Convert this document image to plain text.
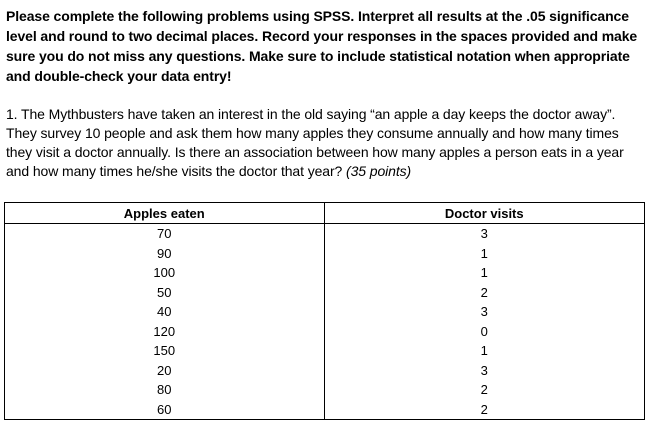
Please complete the following problems using SPSS. Interpret all results at the .05 significance level and round to two decimal places. Record your responses in the spaces provided and make sure you do not miss any questions. Make sure to include statistical notation when appropriate and double-check your data entry!

1. The Mythbusters have taken an interest in the old saying “an apple a day keeps the doctor away”. They survey 10 people and ask them how many apples they consume annually and how many times they visit a doctor annually. Is there an association between how many apples a person eats in a year and how many times he/she visits the doctor that year? (35 points)

Apples eaten	Doctor visits
70	3
90	1
100	1
50	2
40	3
120	0
150	1
20	3
80	2
60	2
